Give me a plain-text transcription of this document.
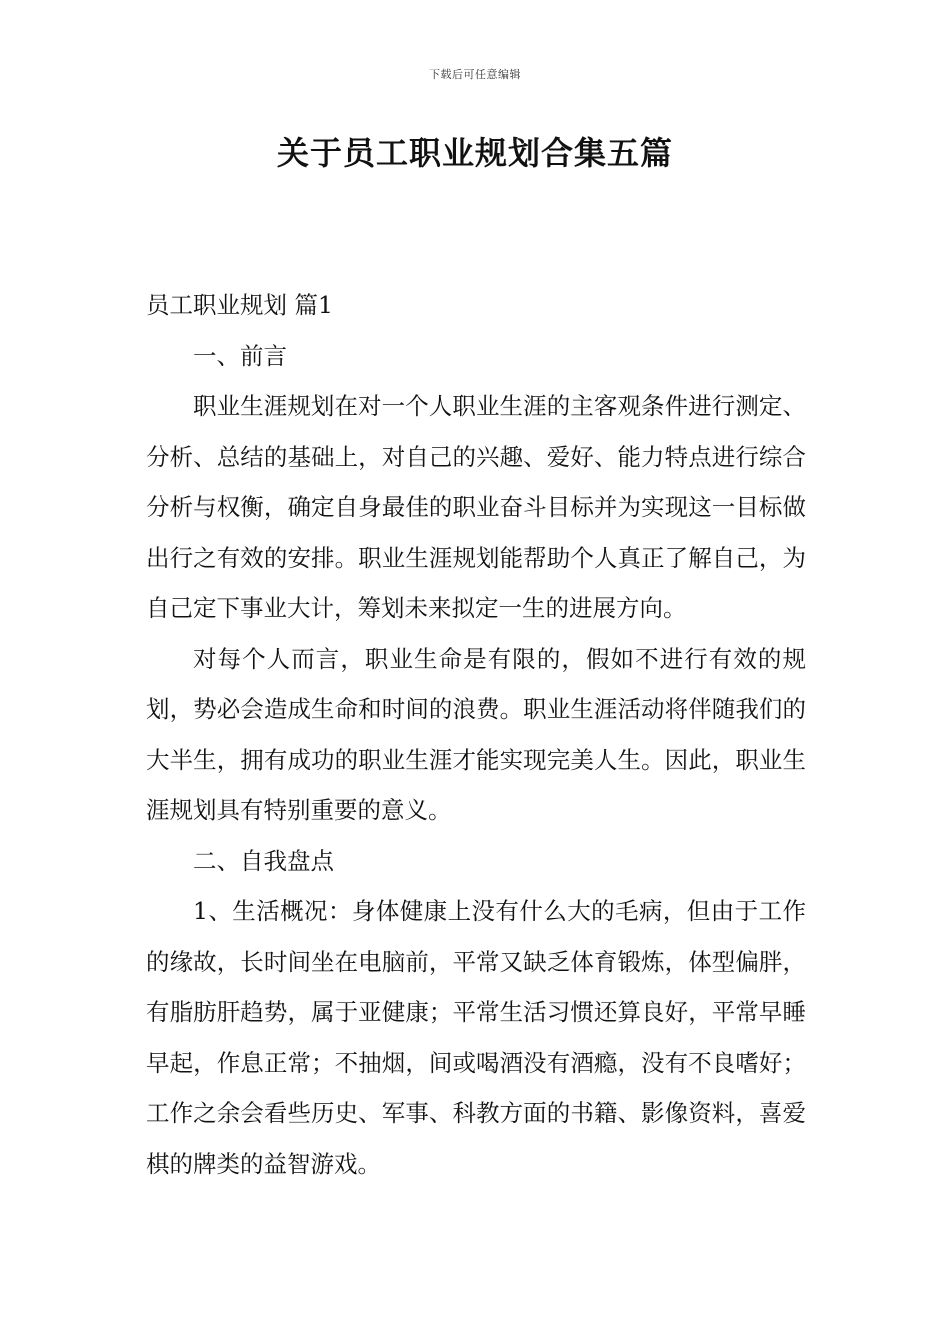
下载后可任意编辑
关于员工职业规划合集五篇

员工职业规划 篇1

一、前言

职业生涯规划在对一个人职业生涯的主客观条件进行测定、分析、总结的基础上，对自己的兴趣、爱好、能力特点进行综合分析与权衡，确定自身最佳的职业奋斗目标并为实现这一目标做出行之有效的安排。职业生涯规划能帮助个人真正了解自己，为自己定下事业大计，筹划未来拟定一生的进展方向。

对每个人而言，职业生命是有限的，假如不进行有效的规划，势必会造成生命和时间的浪费。职业生涯活动将伴随我们的大半生，拥有成功的职业生涯才能实现完美人生。因此，职业生涯规划具有特别重要的意义。

二、自我盘点

1、生活概况：身体健康上没有什么大的毛病，但由于工作的缘故，长时间坐在电脑前，平常又缺乏体育锻炼，体型偏胖，有脂肪肝趋势，属于亚健康；平常生活习惯还算良好，平常早睡早起，作息正常；不抽烟，间或喝酒没有酒瘾，没有不良嗜好；工作之余会看些历史、军事、科教方面的书籍、影像资料，喜爱棋的牌类的益智游戏。
